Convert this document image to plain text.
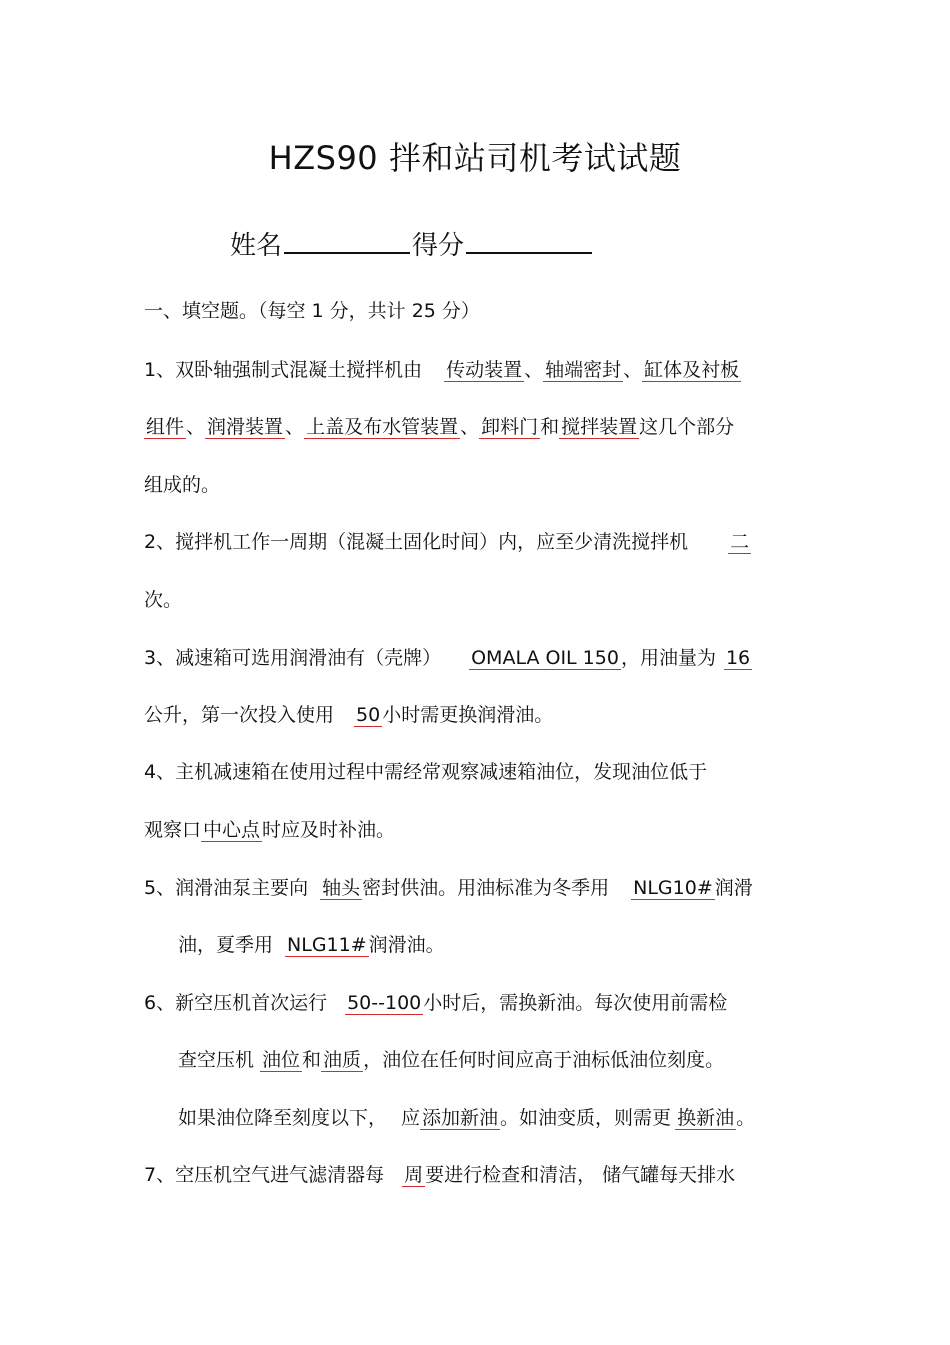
HZS90 拌和站司机考试试题
姓名	得分
一、填空题。（每空 1 分，共计 25 分）
1、双卧轴强制式混凝土搅拌机由 传动装置 、 轴端密封 、 缸体及衬板
组件 、 润滑装置 、 上盖及布水管装置 、 卸料门 和 搅拌装置 这几个部分
组成的。
2、搅拌机工作一周期（混凝土固化时间）内，应至少清洗搅拌机 二
次。
3、减速箱可选用润滑油有（壳牌） OMALA OIL 150 ，用油量为 16
公升，第一次投入使用 50 小时需更换润滑油。
4、主机减速箱在使用过程中需经常观察减速箱油位，发现油位低于
观察口 中心点 时应及时补油。
5、润滑油泵主要向 轴头 密封供油。用油标准为冬季用 NLG10# 润滑
油，夏季用 NLG11# 润滑油。
6、新空压机首次运行 50--100 小时后，需换新油。每次使用前需检
查空压机 油位 和 油质 ，油位在任何时间应高于油标低油位刻度。
如果油位降至刻度以下， 应 添加新油 。如油变质，则需更 换新油 。
7、空压机空气进气滤清器每 周 要进行检查和清洁， 储气罐每天排水
